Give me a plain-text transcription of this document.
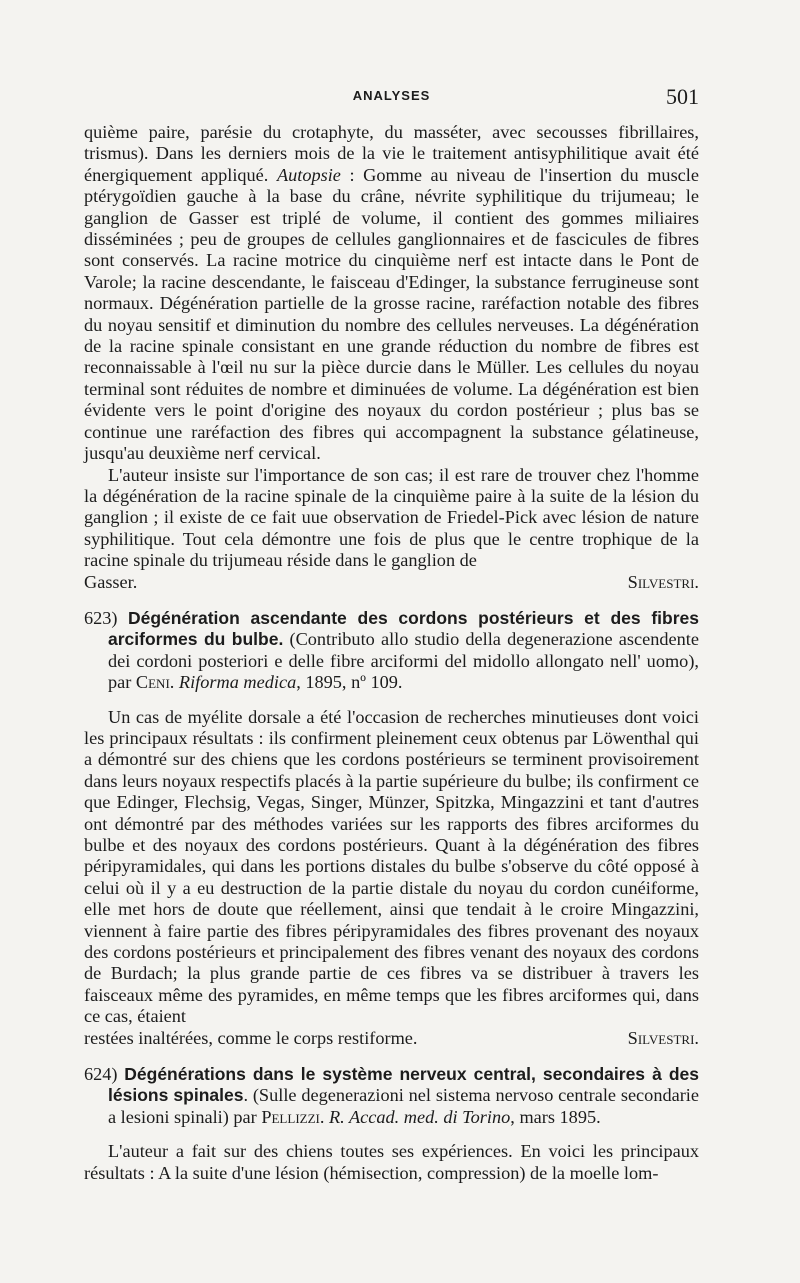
ANALYSES	501

quième paire, parésie du crotaphyte, du masséter, avec secousses fibrillaires, trismus). Dans les derniers mois de la vie le traitement antisyphilitique avait été énergiquement appliqué. Autopsie : Gomme au niveau de l'insertion du muscle ptérygoïdien gauche à la base du crâne, névrite syphilitique du trijumeau; le ganglion de Gasser est triplé de volume, il contient des gommes miliaires disséminées ; peu de groupes de cellules ganglionnaires et de fascicules de fibres sont conservés. La racine motrice du cinquième nerf est intacte dans le Pont de Varole; la racine descendante, le faisceau d'Edinger, la substance ferrugineuse sont normaux. Dégénération partielle de la grosse racine, raréfaction notable des fibres du noyau sensitif et diminution du nombre des cellules nerveuses. La dégénération de la racine spinale consistant en une grande réduction du nombre de fibres est reconnaissable à l'œil nu sur la pièce durcie dans le Müller. Les cellules du noyau terminal sont réduites de nombre et diminuées de volume. La dégénération est bien évidente vers le point d'origine des noyaux du cordon postérieur ; plus bas se continue une raréfaction des fibres qui accompagnent la substance gélatineuse, jusqu'au deuxième nerf cervical.

L'auteur insiste sur l'importance de son cas; il est rare de trouver chez l'homme la dégénération de la racine spinale de la cinquième paire à la suite de la lésion du ganglion ; il existe de ce fait uue observation de Friedel-Pick avec lésion de nature syphilitique. Tout cela démontre une fois de plus que le centre trophique de la racine spinale du trijumeau réside dans le ganglion de

Gasser.	Silvestri.

623) Dégénération ascendante des cordons postérieurs et des fibres arciformes du bulbe. (Contributo allo studio della degenerazione ascendente dei cordoni posteriori e delle fibre arciformi del midollo allongato nell' uomo), par Ceni. Riforma medica, 1895, nº 109.

Un cas de myélite dorsale a été l'occasion de recherches minutieuses dont voici les principaux résultats : ils confirment pleinement ceux obtenus par Löwenthal qui a démontré sur des chiens que les cordons postérieurs se terminent provisoirement dans leurs noyaux respectifs placés à la partie supérieure du bulbe; ils confirment ce que Edinger, Flechsig, Vegas, Singer, Münzer, Spitzka, Mingazzini et tant d'autres ont démontré par des méthodes variées sur les rapports des fibres arciformes du bulbe et des noyaux des cordons postérieurs. Quant à la dégénération des fibres péripyramidales, qui dans les portions distales du bulbe s'observe du côté opposé à celui où il y a eu destruction de la partie distale du noyau du cordon cunéiforme, elle met hors de doute que réellement, ainsi que tendait à le croire Mingazzini, viennent à faire partie des fibres péripyramidales des fibres provenant des noyaux des cordons postérieurs et principalement des fibres venant des noyaux des cordons de Burdach; la plus grande partie de ces fibres va se distribuer à travers les faisceaux même des pyramides, en même temps que les fibres arciformes qui, dans ce cas, étaient

restées inaltérées, comme le corps restiforme.	Silvestri.

624) Dégénérations dans le système nerveux central, secondaires à des lésions spinales. (Sulle degenerazioni nel sistema nervoso centrale secondarie a lesioni spinali) par Pellizzi. R. Accad. med. di Torino, mars 1895.

L'auteur a fait sur des chiens toutes ses expériences. En voici les principaux résultats : A la suite d'une lésion (hémisection, compression) de la moelle lom-
